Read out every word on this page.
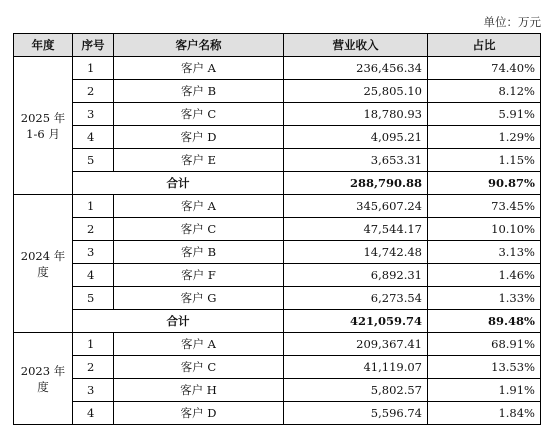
单位：万元
年度	序号	客户名称	营业收入	占比
2025 年
1-6 月	1	客户 A	236,456.34	74.40%
	2	客户 B	25,805.10	8.12%
	3	客户 C	18,780.93	5.91%
	4	客户 D	4,095.21	1.29%
	5	客户 E	3,653.31	1.15%
	合计		288,790.88	90.87%
2024 年度	1	客户 A	345,607.24	73.45%
	2	客户 C	47,544.17	10.10%
	3	客户 B	14,742.48	3.13%
	4	客户 F	6,892.31	1.46%
	5	客户 G	6,273.54	1.33%
	合计		421,059.74	89.48%
2023 年度	1	客户 A	209,367.41	68.91%
	2	客户 C	41,119.07	13.53%
	3	客户 H	5,802.57	1.91%
	4	客户 D	5,596.74	1.84%
